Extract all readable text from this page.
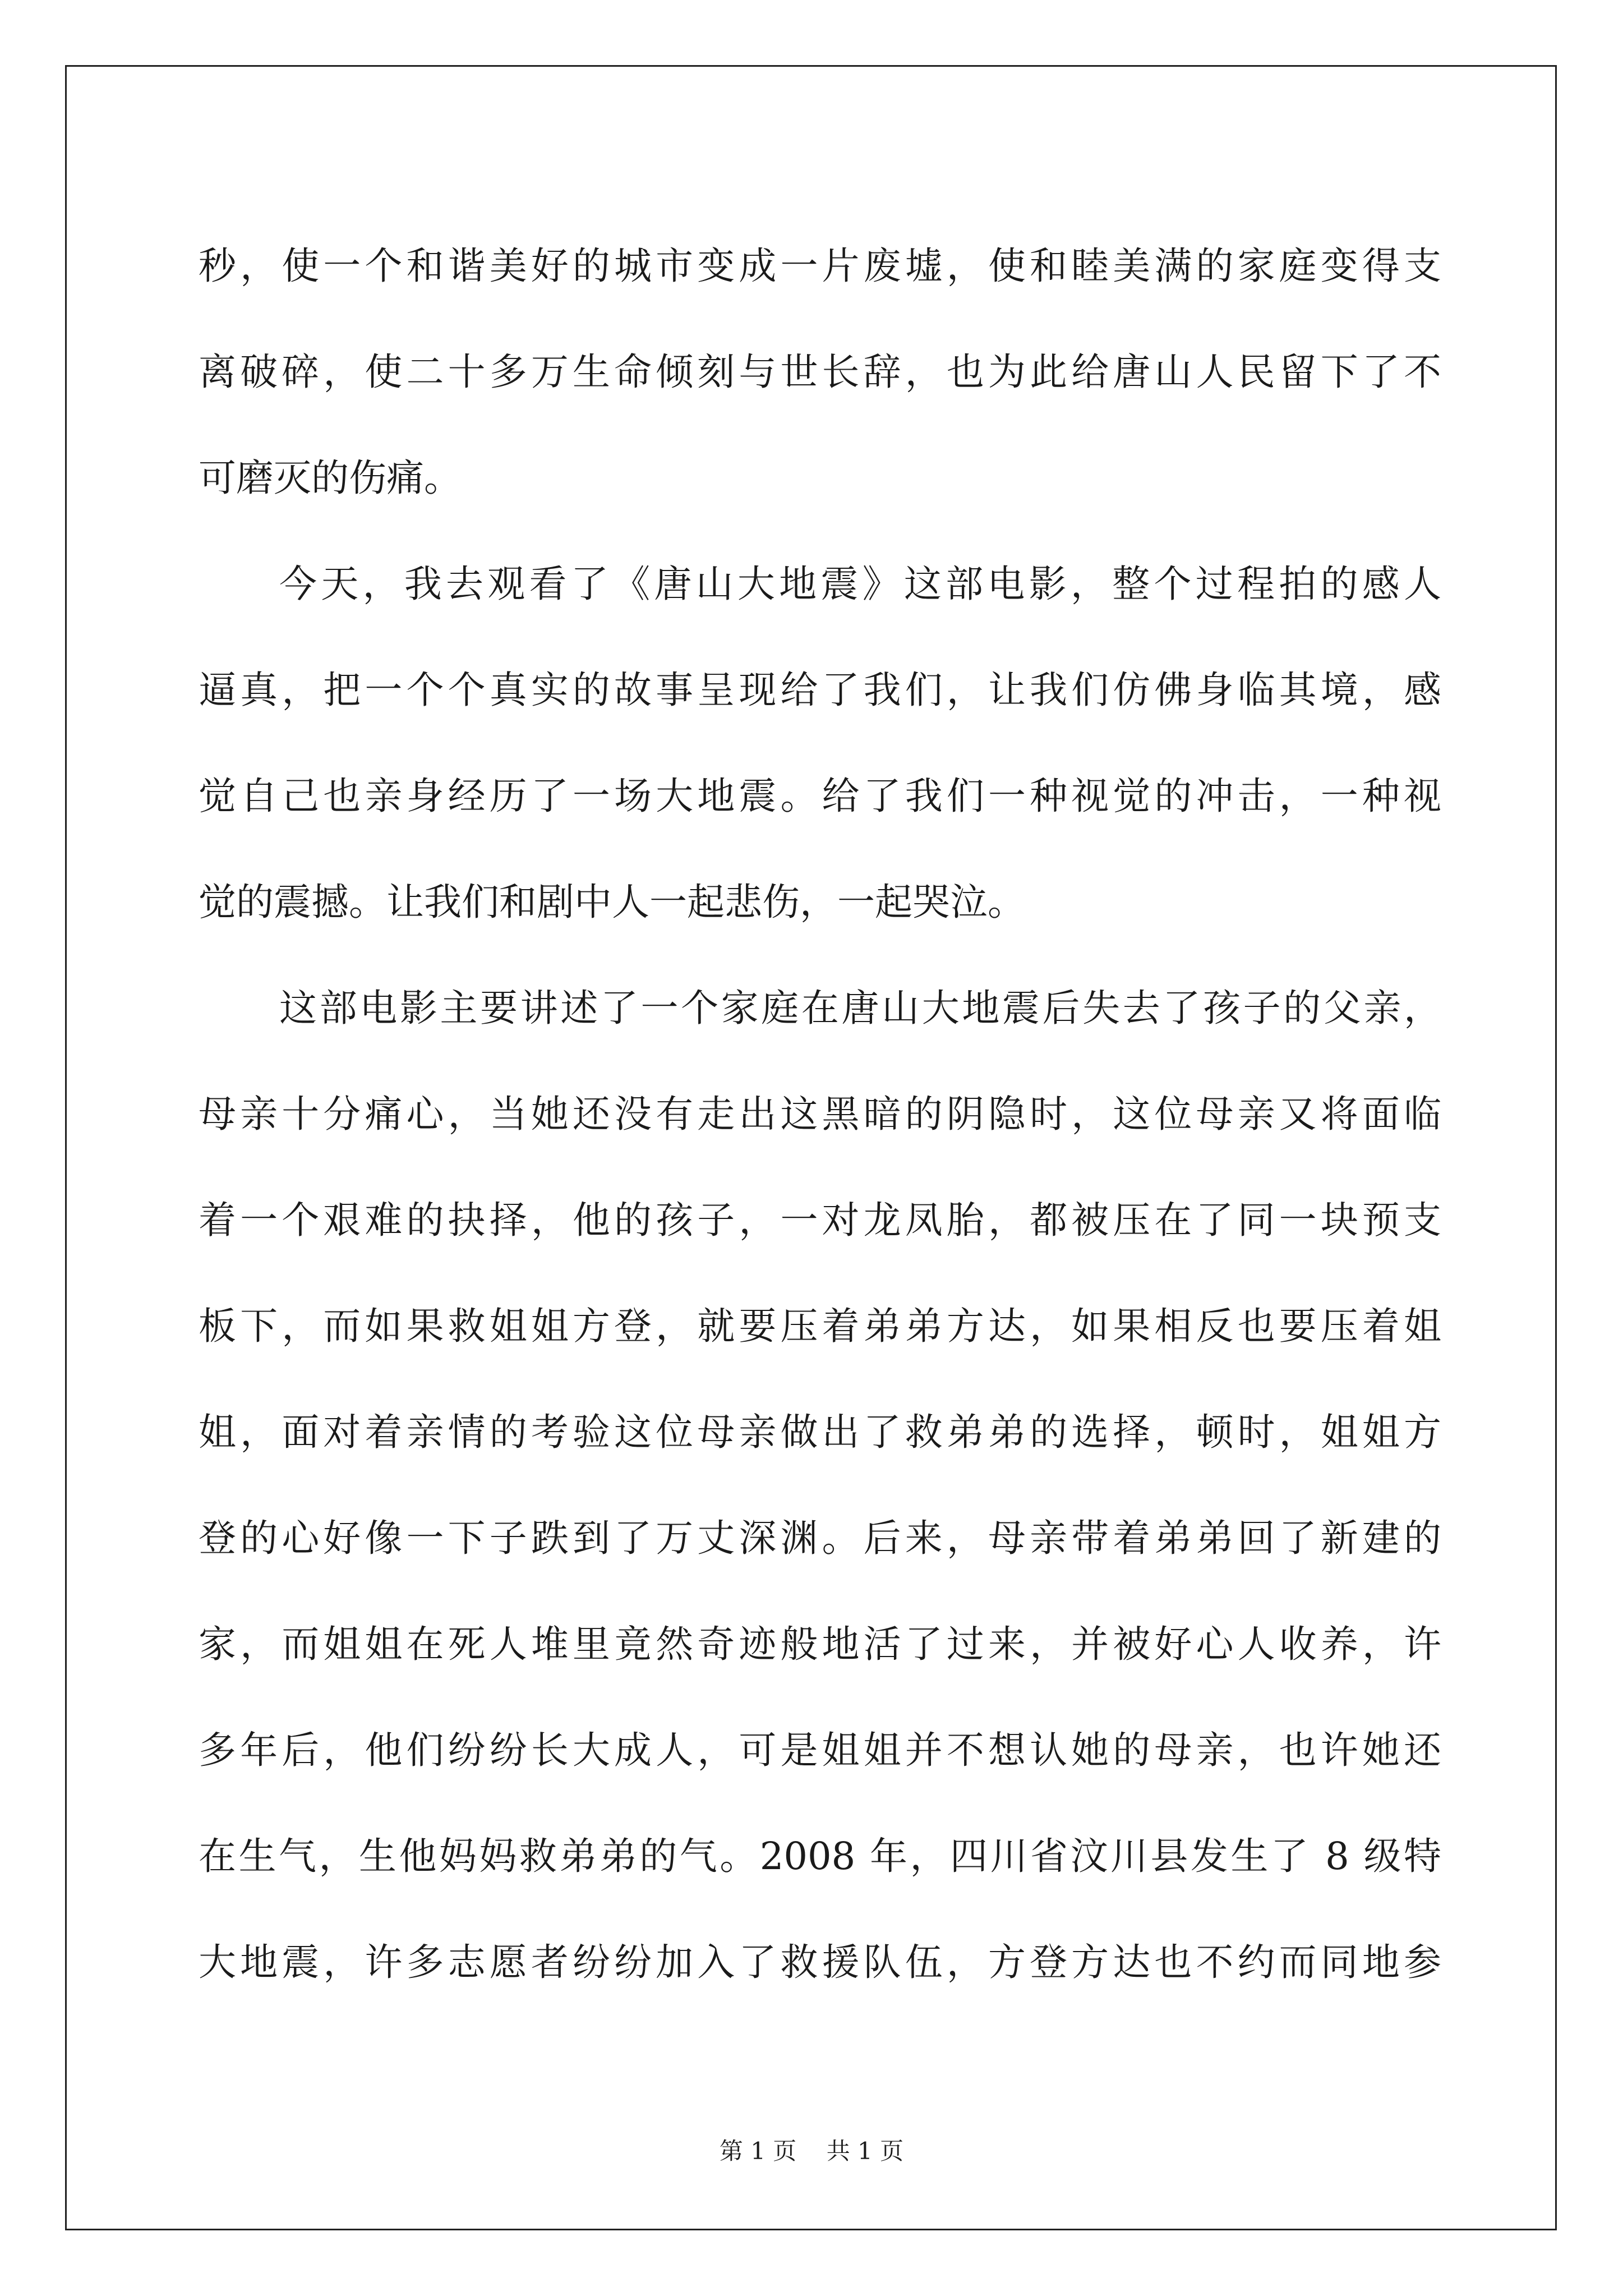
秒，使一个和谐美好的城市变成一片废墟，使和睦美满的家庭变得支
离破碎，使二十多万生命倾刻与世长辞，也为此给唐山人民留下了不
可磨灭的伤痛。
今天，我去观看了《唐山大地震》这部电影，整个过程拍的感人
逼真，把一个个真实的故事呈现给了我们，让我们仿佛身临其境，感
觉自己也亲身经历了一场大地震。给了我们一种视觉的冲击，一种视
觉的震撼。让我们和剧中人一起悲伤，一起哭泣。
这部电影主要讲述了一个家庭在唐山大地震后失去了孩子的父亲，
母亲十分痛心，当她还没有走出这黑暗的阴隐时，这位母亲又将面临
着一个艰难的抉择，他的孩子，一对龙凤胎，都被压在了同一块预支
板下，而如果救姐姐方登，就要压着弟弟方达，如果相反也要压着姐
姐，面对着亲情的考验这位母亲做出了救弟弟的选择，顿时，姐姐方
登的心好像一下子跌到了万丈深渊。后来，母亲带着弟弟回了新建的
家，而姐姐在死人堆里竟然奇迹般地活了过来，并被好心人收养，许
多年后，他们纷纷长大成人，可是姐姐并不想认她的母亲，也许她还
在生气，生他妈妈救弟弟的气。2008 年，四川省汶川县发生了 8 级特
大地震，许多志愿者纷纷加入了救援队伍，方登方达也不约而同地参
第 1 页    共 1 页
